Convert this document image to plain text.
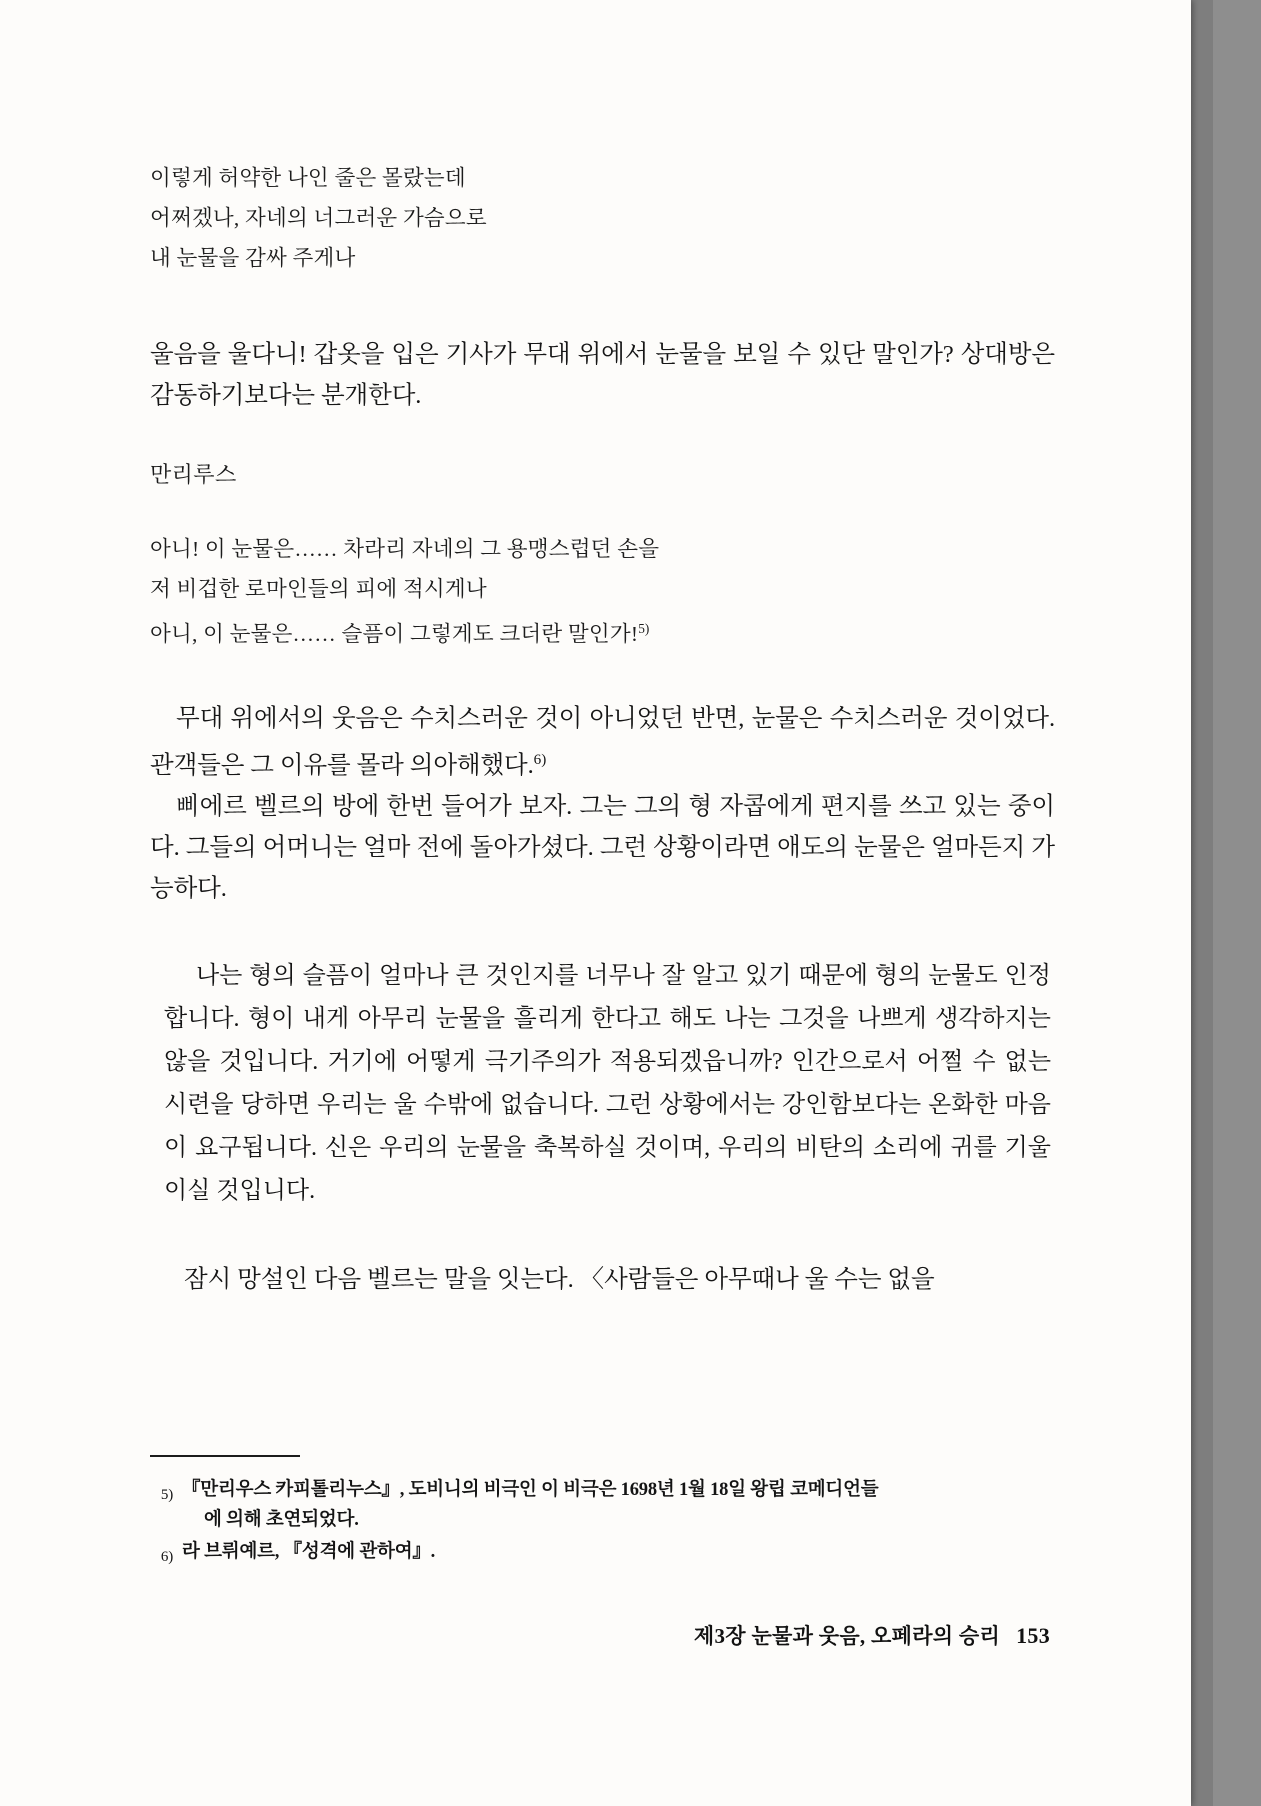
이렇게 허약한 나인 줄은 몰랐는데
어쩌겠나, 자네의 너그러운 가슴으로
내 눈물을 감싸 주게나

울음을 울다니! 갑옷을 입은 기사가 무대 위에서 눈물을 보일 수 있단 말인가? 상대방은 감동하기보다는 분개한다.

만리루스
아니! 이 눈물은…… 차라리 자네의 그 용맹스럽던 손을
저 비겁한 로마인들의 피에 적시게나
아니, 이 눈물은…… 슬픔이 그렇게도 크더란 말인가!$^{5)}$

무대 위에서의 웃음은 수치스러운 것이 아니었던 반면, 눈물은 수치스러운 것이었다. 관객들은 그 이유를 몰라 의아해했다.$^{6)}$

삐에르 벨르의 방에 한번 들어가 보자. 그는 그의 형 자콥에게 편지를 쓰고 있는 중이다. 그들의 어머니는 얼마 전에 돌아가셨다. 그런 상황이라면 애도의 눈물은 얼마든지 가능하다.

나는 형의 슬픔이 얼마나 큰 것인지를 너무나 잘 알고 있기 때문에 형의 눈물도 인정합니다. 형이 내게 아무리 눈물을 흘리게 한다고 해도 나는 그것을 나쁘게 생각하지는 않을 것입니다. 거기에 어떻게 극기주의가 적용되겠읍니까? 인간으로서 어쩔 수 없는 시련을 당하면 우리는 울 수밖에 없습니다. 그런 상황에서는 강인함보다는 온화한 마음이 요구됩니다. 신은 우리의 눈물을 축복하실 것이며, 우리의 비탄의 소리에 귀를 기울이실 것입니다.

잠시 망설인 다음 벨르는 말을 잇는다. 〈사람들은 아무때나 울 수는 없을

5) 『만리우스 카피톨리누스』, 도비니의 비극인 이 비극은 1698년 1월 18일 왕립 코메디언들
에 의해 초연되었다.
6) 라 브뤼예르, 『성격에 관하여』.
제3장 눈물과 웃음, 오페라의 승리 153
